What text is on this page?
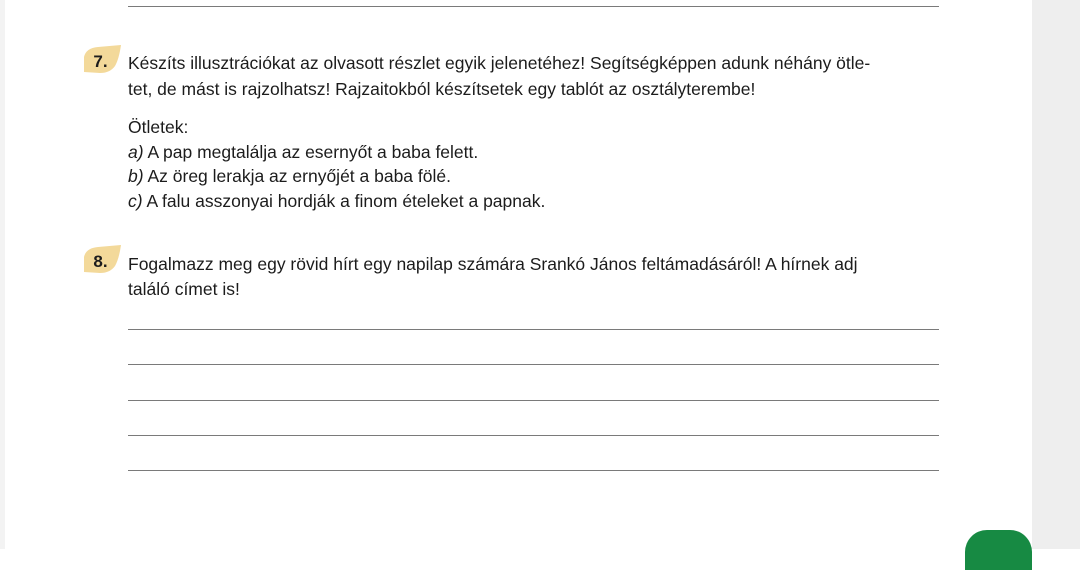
7.	Készíts illusztrációkat az olvasott részlet egyik jelenetéhez! Segítségképpen adunk néhány ötle-
tet, de mást is rajzolhatsz! Rajzaitokból készítsetek egy tablót az osztályterembe!
Ötletek:
a) A pap megtalálja az esernyőt a baba felett.
b) Az öreg lerakja az ernyőjét a baba fölé.
c) A falu asszonyai hordják a finom ételeket a papnak.
8.	Fogalmazz meg egy rövid hírt egy napilap számára Srankó János feltámadásáról! A hírnek adj
találó címet is!
